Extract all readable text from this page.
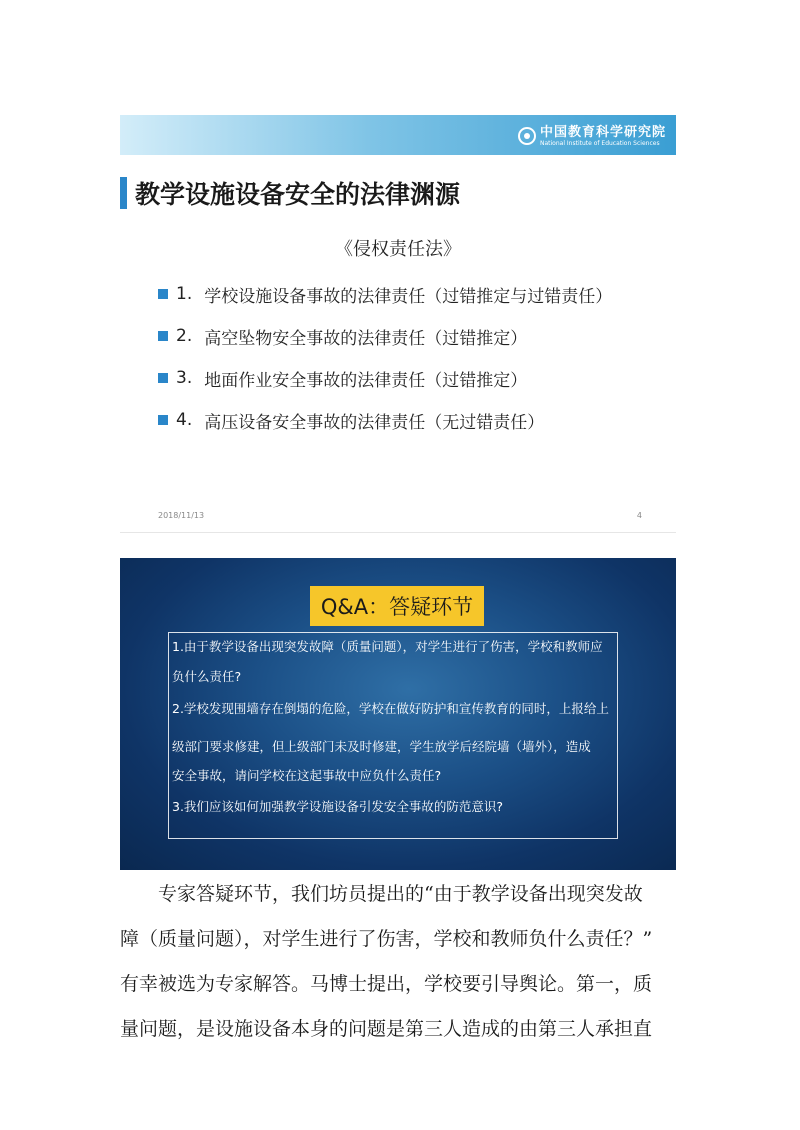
中国教育科学研究院
National Institute of Education Sciences
教学设施设备安全的法律渊源
《侵权责任法》
1. 学校设施设备事故的法律责任（过错推定与过错责任）
2. 高空坠物安全事故的法律责任（过错推定）
3. 地面作业安全事故的法律责任（过错推定）
4. 高压设备安全事故的法律责任（无过错责任）
2018/11/13	4
Q&A：答疑环节
1.由于教学设备出现突发故障（质量问题），对学生进行了伤害，学校和教师应
负什么责任?
2.学校发现围墙存在倒塌的危险，学校在做好防护和宣传教育的同时，上报给上
级部门要求修建，但上级部门未及时修建，学生放学后经院墙（墙外），造成
安全事故，请问学校在这起事故中应负什么责任?
3.我们应该如何加强教学设施设备引发安全事故的防范意识?
专家答疑环节，我们坊员提出的“由于教学设备出现突发故
障（质量问题），对学生进行了伤害，学校和教师负什么责任？”
有幸被选为专家解答。马博士提出，学校要引导舆论。第一，质
量问题，是设施设备本身的问题是第三人造成的由第三人承担直
